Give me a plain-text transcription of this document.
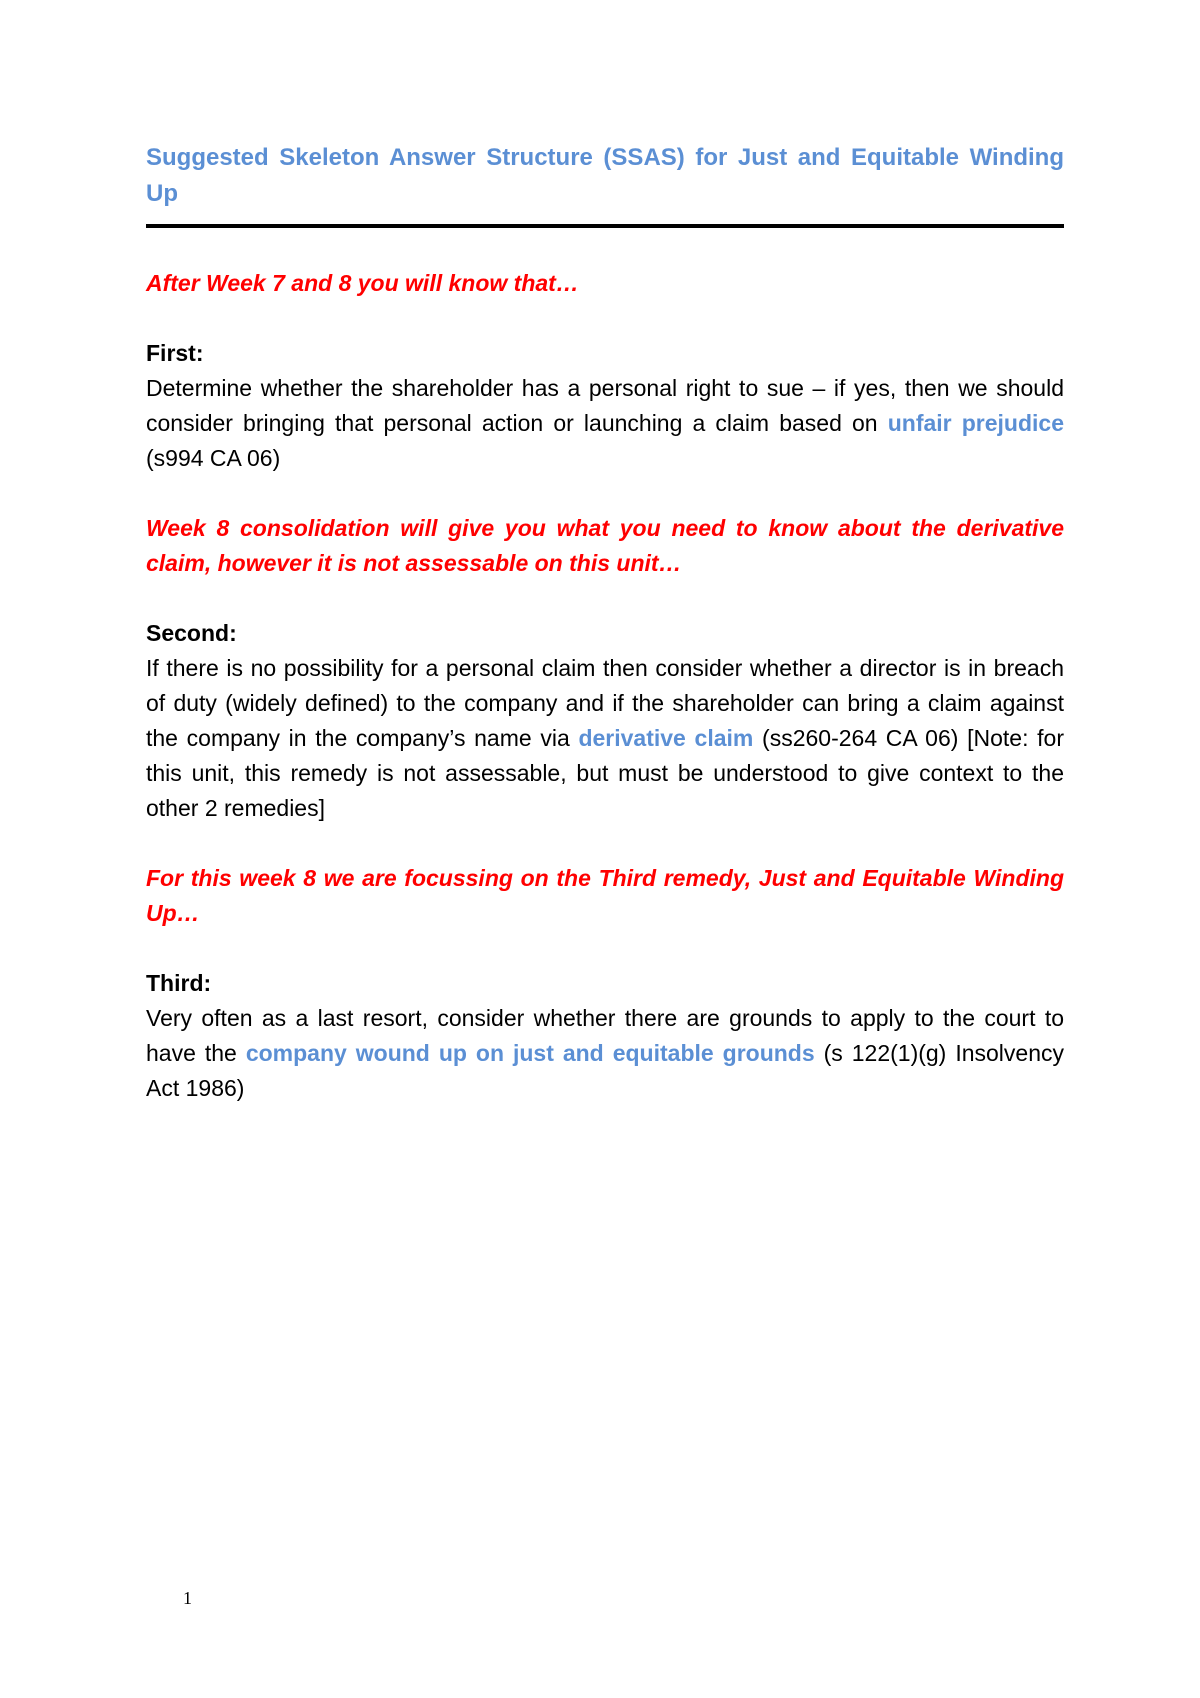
Suggested Skeleton Answer Structure (SSAS) for Just and Equitable Winding Up

After Week 7 and 8 you will know that…

First:

Determine whether the shareholder has a personal right to sue – if yes, then we should consider bringing that personal action or launching a claim based on unfair prejudice (s994 CA 06)

Week 8 consolidation will give you what you need to know about the derivative claim, however it is not assessable on this unit…

Second:

If there is no possibility for a personal claim then consider whether a director is in breach of duty (widely defined) to the company and if the shareholder can bring a claim against the company in the company’s name via derivative claim (ss260-264 CA 06) [Note: for this unit, this remedy is not assessable, but must be understood to give context to the other 2 remedies]

For this week 8 we are focussing on the Third remedy, Just and Equitable Winding Up…

Third:

Very often as a last resort, consider whether there are grounds to apply to the court to have the company wound up on just and equitable grounds (s 122(1)(g) Insolvency Act 1986)

1
